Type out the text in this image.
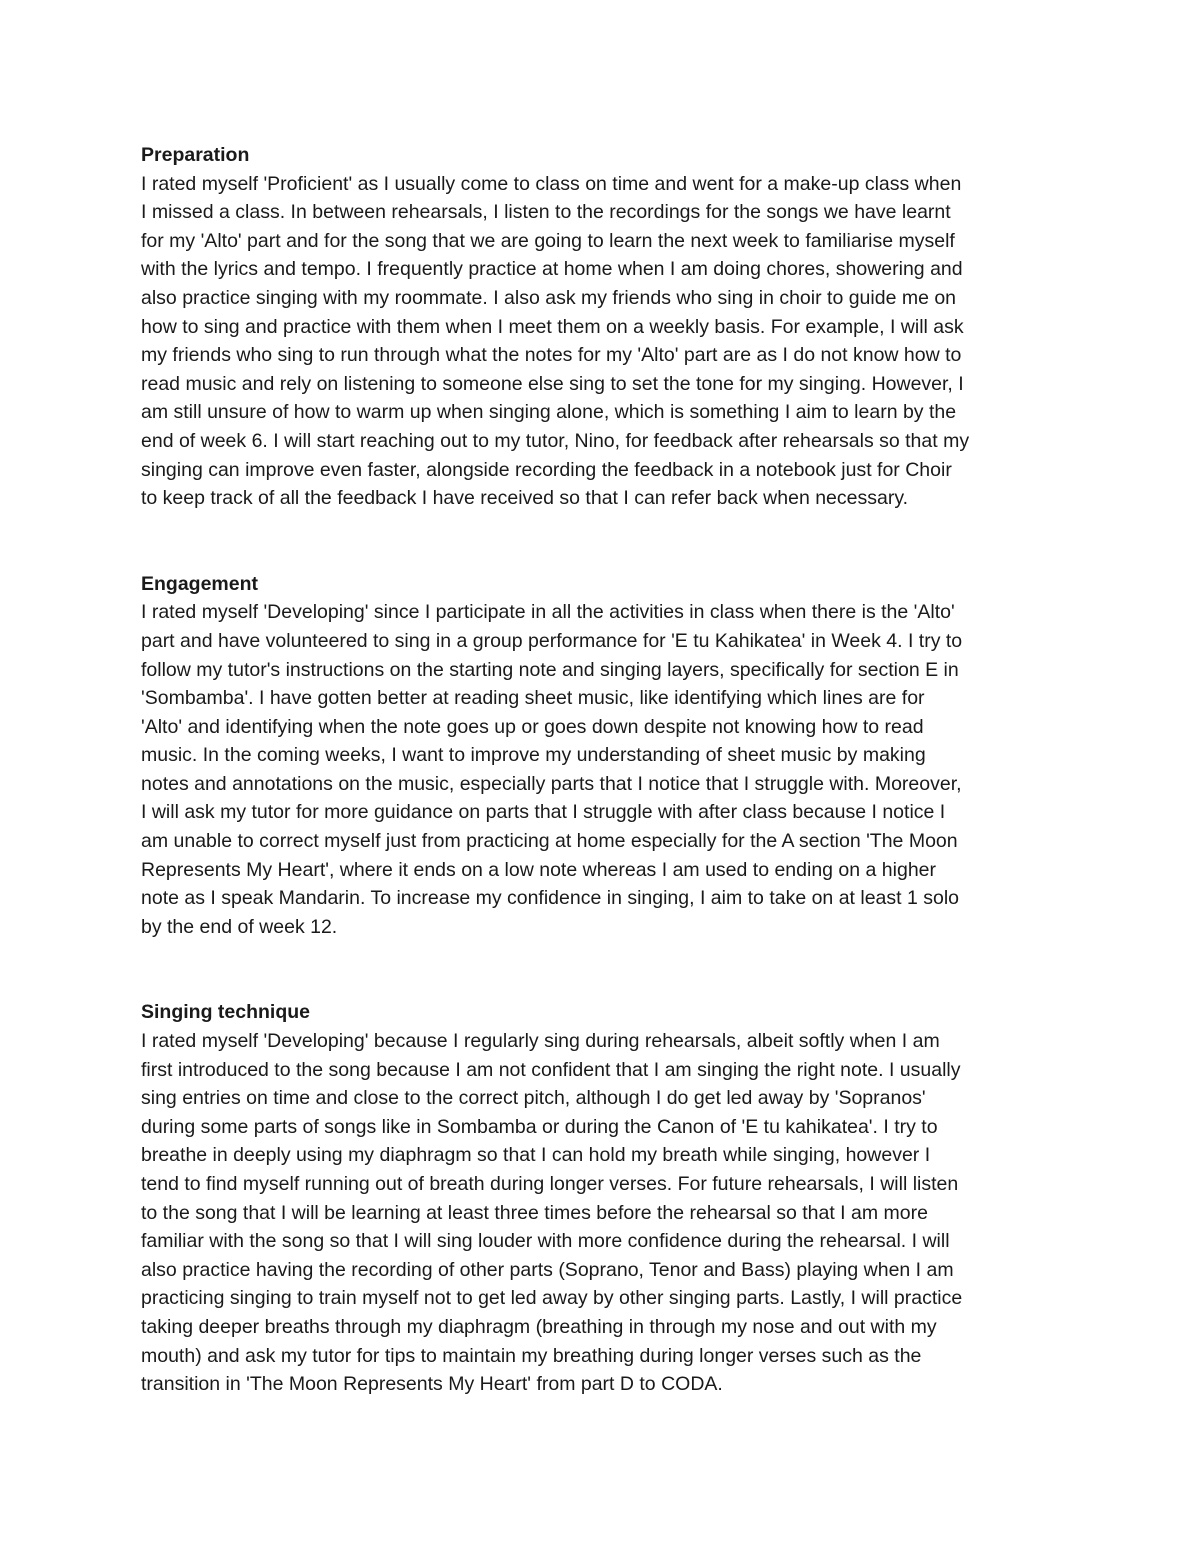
Preparation

I rated myself 'Proficient' as I usually come to class on time and went for a make-up class when

I missed a class. In between rehearsals, I listen to the recordings for the songs we have learnt

for my 'Alto' part and for the song that we are going to learn the next week to familiarise myself

with the lyrics and tempo. I frequently practice at home when I am doing chores, showering and

also practice singing with my roommate. I also ask my friends who sing in choir to guide me on

how to sing and practice with them when I meet them on a weekly basis. For example, I will ask

my friends who sing to run through what the notes for my 'Alto' part are as I do not know how to

read music and rely on listening to someone else sing to set the tone for my singing. However, I

am still unsure of how to warm up when singing alone, which is something I aim to learn by the

end of week 6. I will start reaching out to my tutor, Nino, for feedback after rehearsals so that my

singing can improve even faster, alongside recording the feedback in a notebook just for Choir

to keep track of all the feedback I have received so that I can refer back when necessary.

Engagement

I rated myself 'Developing' since I participate in all the activities in class when there is the 'Alto'

part and have volunteered to sing in a group performance for 'E tu Kahikatea' in Week 4. I try to

follow my tutor's instructions on the starting note and singing layers, specifically for section E in

'Sombamba'. I have gotten better at reading sheet music, like identifying which lines are for

'Alto' and identifying when the note goes up or goes down despite not knowing how to read

music. In the coming weeks, I want to improve my understanding of sheet music by making

notes and annotations on the music, especially parts that I notice that I struggle with. Moreover,

I will ask my tutor for more guidance on parts that I struggle with after class because I notice I

am unable to correct myself just from practicing at home especially for the A section 'The Moon

Represents My Heart', where it ends on a low note whereas I am used to ending on a higher

note as I speak Mandarin. To increase my confidence in singing, I aim to take on at least 1 solo

by the end of week 12.

Singing technique

I rated myself 'Developing' because I regularly sing during rehearsals, albeit softly when I am

first introduced to the song because I am not confident that I am singing the right note. I usually

sing entries on time and close to the correct pitch, although I do get led away by 'Sopranos'

during some parts of songs like in Sombamba or during the Canon of 'E tu kahikatea'. I try to

breathe in deeply using my diaphragm so that I can hold my breath while singing, however I

tend to find myself running out of breath during longer verses. For future rehearsals, I will listen

to the song that I will be learning at least three times before the rehearsal so that I am more

familiar with the song so that I will sing louder with more confidence during the rehearsal. I will

also practice having the recording of other parts (Soprano, Tenor and Bass) playing when I am

practicing singing to train myself not to get led away by other singing parts. Lastly, I will practice

taking deeper breaths through my diaphragm (breathing in through my nose and out with my

mouth) and ask my tutor for tips to maintain my breathing during longer verses such as the

transition in 'The Moon Represents My Heart' from part D to CODA.
